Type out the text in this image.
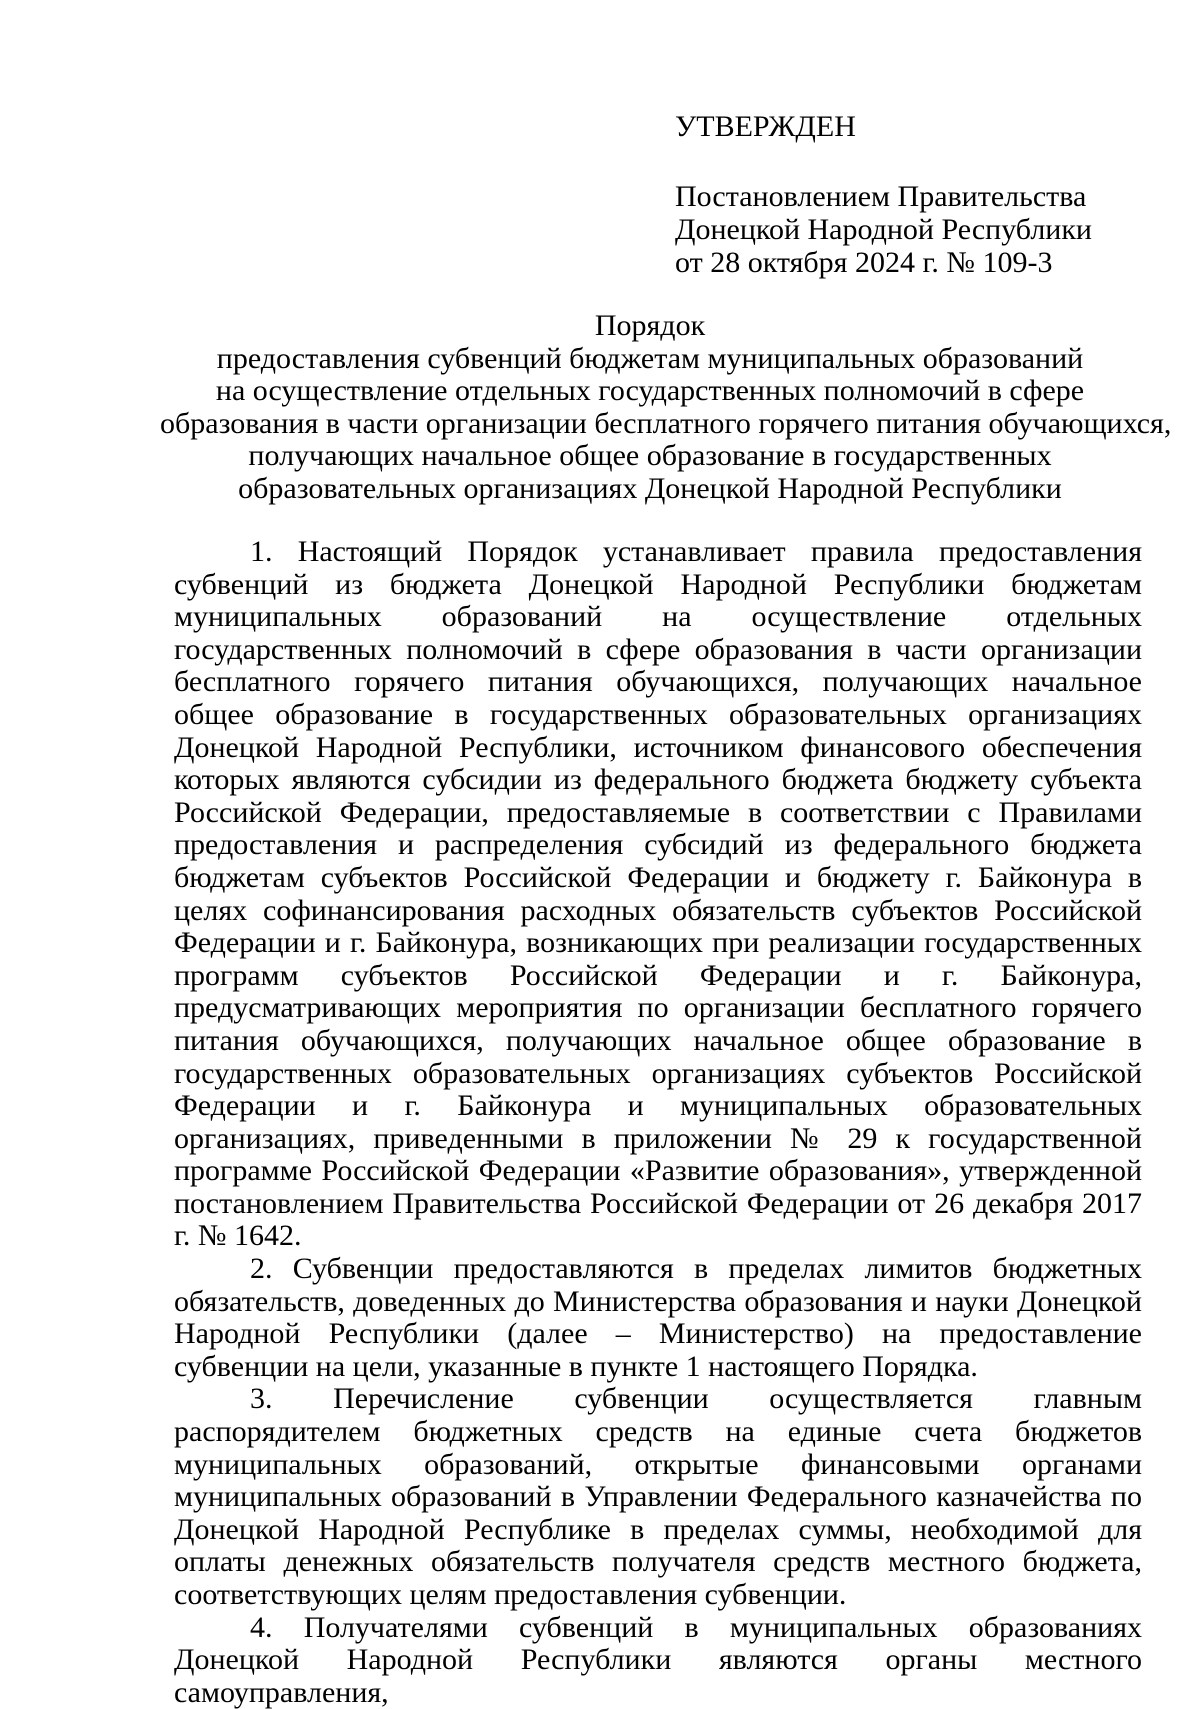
УТВЕРЖДЕН
Постановлением Правительства
Донецкой Народной Республики
от 28 октября 2024 г. № 109-3
Порядок
предоставления субвенций бюджетам муниципальных образований
на осуществление отдельных государственных полномочий в сфере
образования в части организации бесплатного горячего питания обучающихся,
получающих начальное общее образование в государственных
образовательных организациях Донецкой Народной Республики

1. Настоящий Порядок устанавливает правила предоставления субвенций из бюджета Донецкой Народной Республики бюджетам муниципальных образований на осуществление отдельных государственных полномочий в сфере образования в части организации бесплатного горячего питания обучающихся, получающих начальное общее образование в государственных образовательных организациях Донецкой Народной Республики, источником финансового обеспечения которых являются субсидии из федерального бюджета бюджету субъекта Российской Федерации, предоставляемые в соответствии с Правилами предоставления и распределения субсидий из федерального бюджета бюджетам субъектов Российской Федерации и бюджету г. Байконура в целях софинансирования расходных обязательств субъектов Российской Федерации и г. Байконура, возникающих при реализации государственных программ субъектов Российской Федерации и г. Байконура, предусматривающих мероприятия по организации бесплатного горячего питания обучающихся, получающих начальное общее образование в государственных образовательных организациях субъектов Российской Федерации и г. Байконура и муниципальных образовательных организациях, приведенными в приложении № 29 к государственной программе Российской Федерации «Развитие образования», утвержденной постановлением Правительства Российской Федерации от 26 декабря 2017 г. № 1642.

2. Субвенции предоставляются в пределах лимитов бюджетных обязательств, доведенных до Министерства образования и науки Донецкой Народной Республики (далее – Министерство) на предоставление субвенции на цели, указанные в пункте 1 настоящего Порядка.

3. Перечисление субвенции осуществляется главным распорядителем бюджетных средств на единые счета бюджетов муниципальных образований, открытые финансовыми органами муниципальных образований в Управлении Федерального казначейства по Донецкой Народной Республике в пределах суммы, необходимой для оплаты денежных обязательств получателя средств местного бюджета, соответствующих целям предоставления субвенции.

4. Получателями субвенций в муниципальных образованиях Донецкой Народной Республики являются органы местного самоуправления,
